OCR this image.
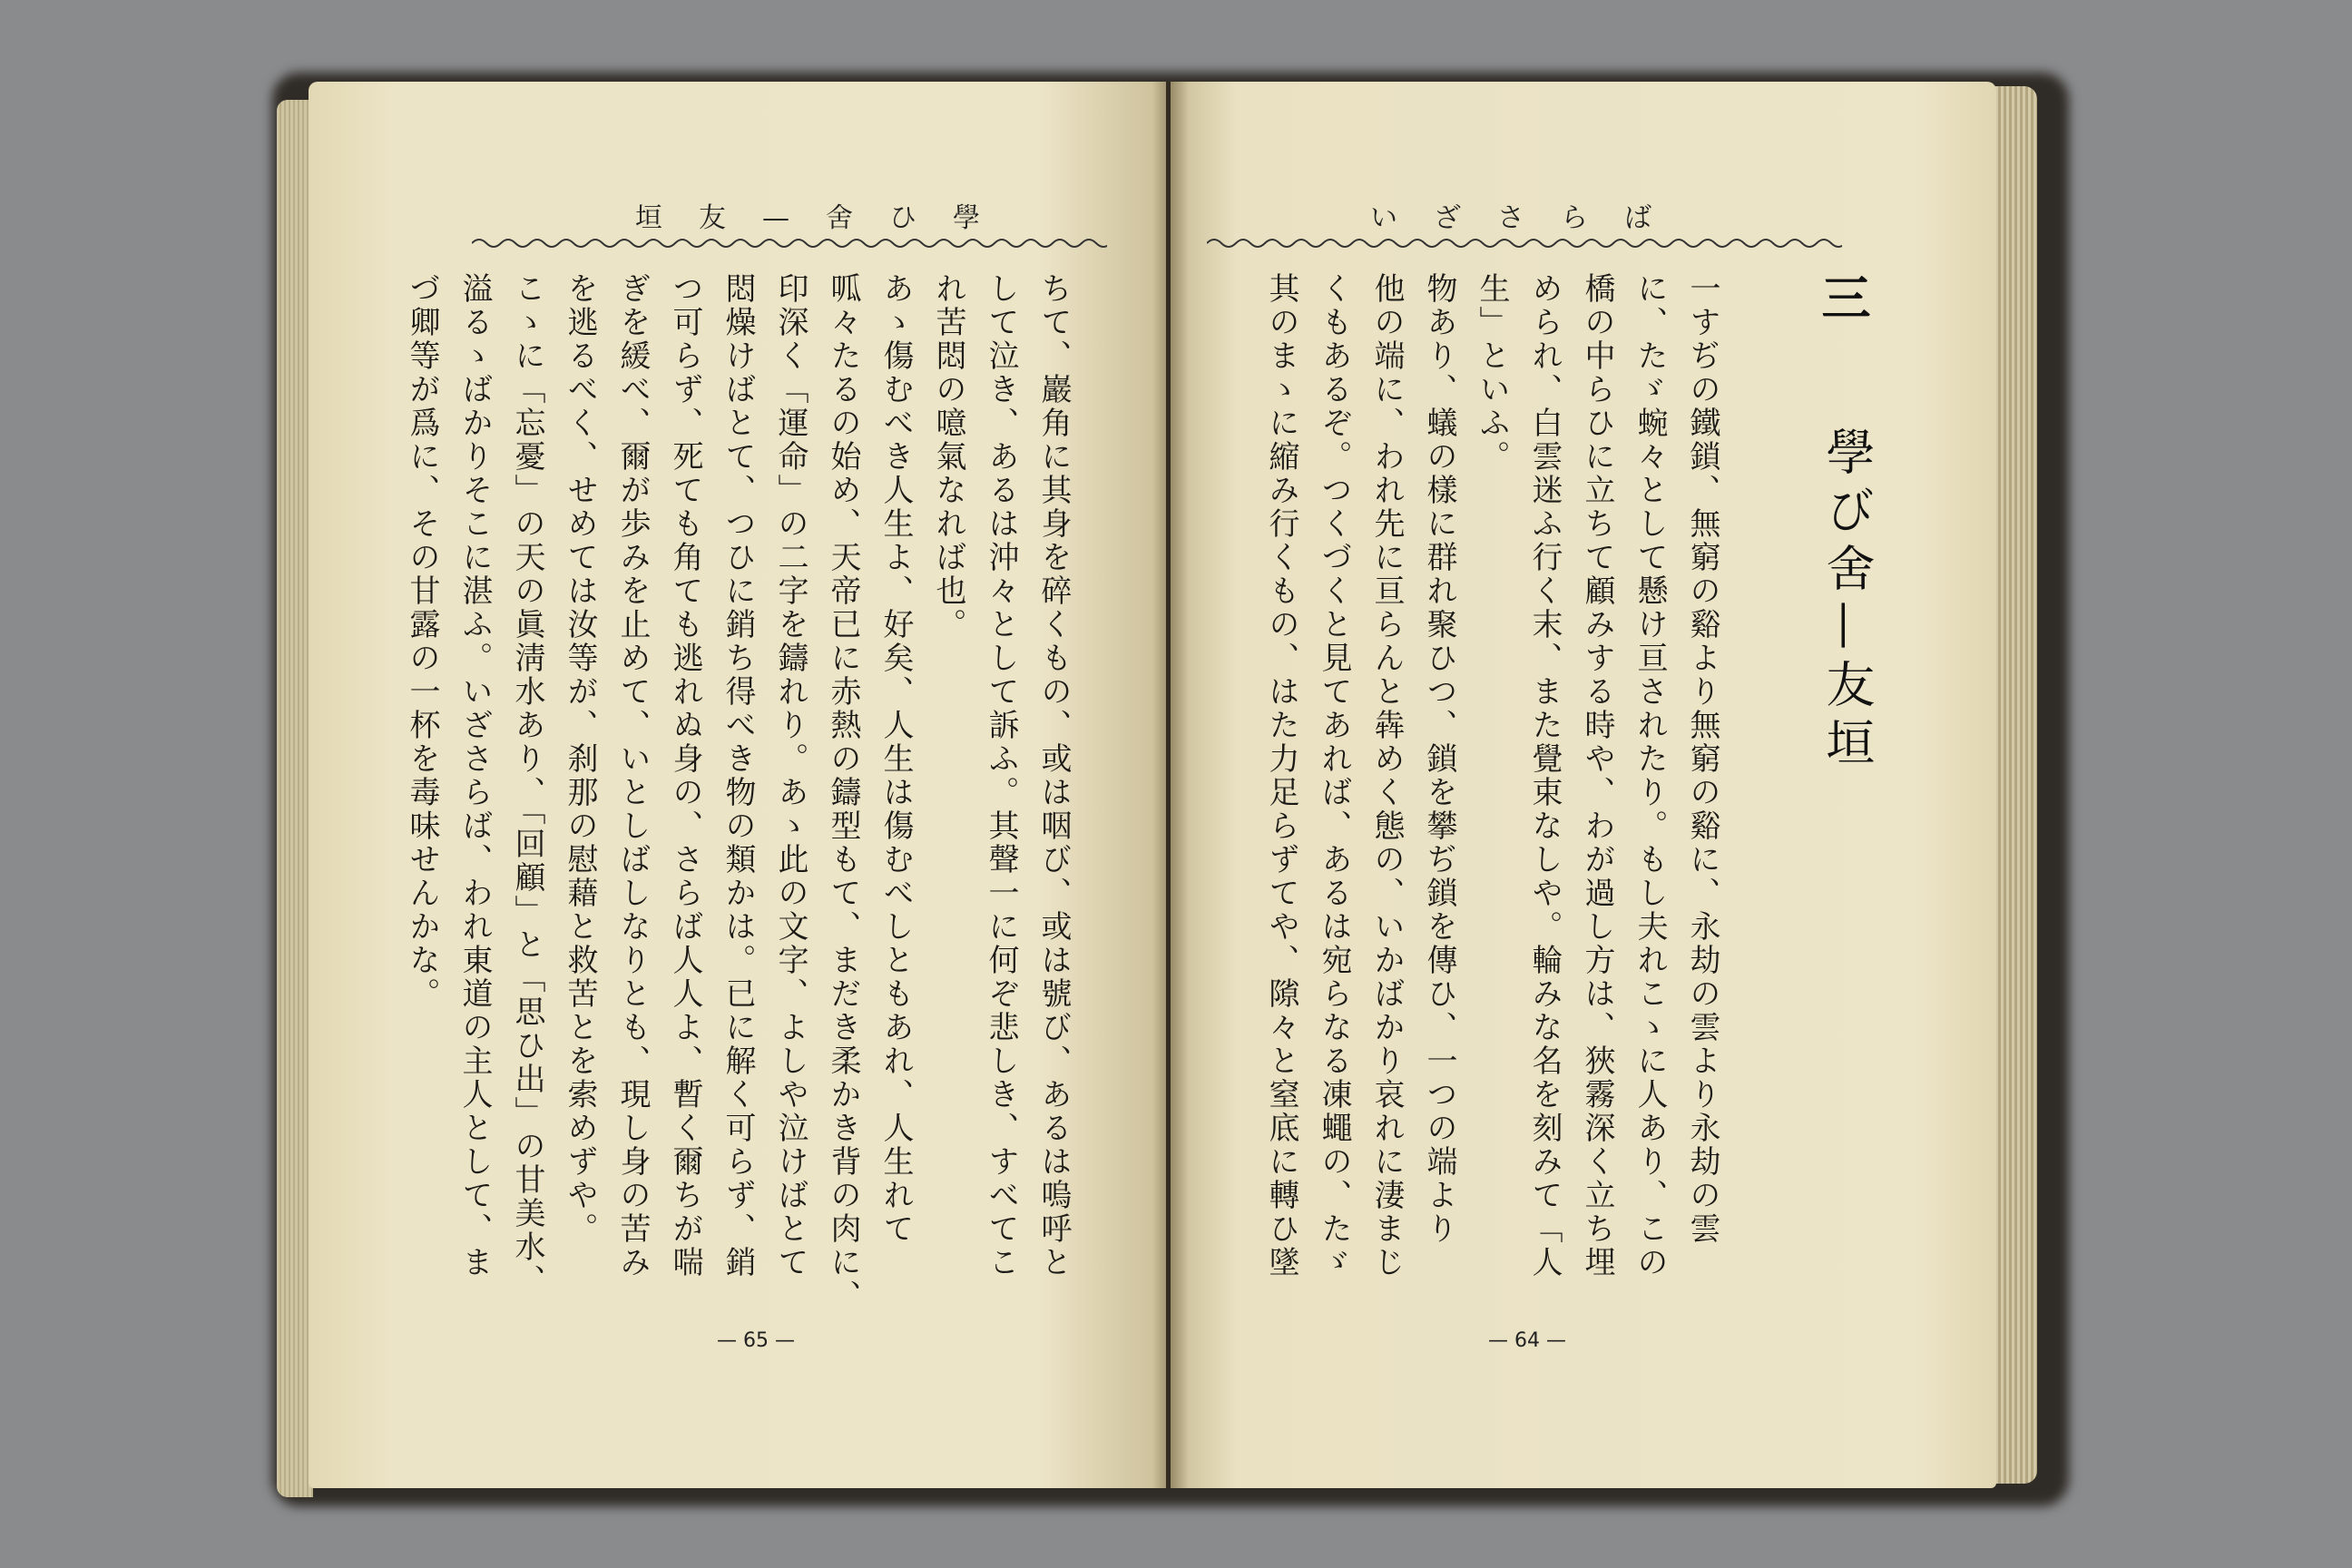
垣友—舍ひ學	いざさらば
ちて、巖角に其身を碎くもの、或は咽び、或は號び、あるは嗚呼と
して泣き、あるは沖々として訴ふ。其聲一に何ぞ悲しき、すべてこ
れ苦悶の噫氣なれば也。
あゝ傷むべき人生よ、好矣、人生は傷むべしともあれ、人生れて
呱々たるの始め、天帝已に赤熱の鑄型もて、まだき柔かき背の肉に、
印深く「運命」の二字を鑄れり。あゝ此の文字、よしや泣けばとて
悶燥けばとて、つひに銷ち得べき物の類かは。已に解く可らず、銷
つ可らず、死ても角ても逃れぬ身の、さらば人人よ、暫く爾ちが喘
ぎを緩べ、爾が歩みを止めて、いとしばしなりとも、現し身の苦み
を逃るべく、せめては汝等が、刹那の慰藉と救苦とを索めずや。
こゝに「忘憂」の天の眞淸水あり、「回顧」と「思ひ出」の甘美水、
溢るゝばかりそこに湛ふ。いざさらば、われ東道の主人として、ま
づ卿等が爲に、その甘露の一杯を毒味せんかな。	三
學び舍—友垣
一すぢの鐵鎖、無窮の谿より無窮の谿に、永劫の雲より永劫の雲
に、たゞ蜿々として懸け亘されたり。もし夫れこゝに人あり、この
橋の中らひに立ちて顧みする時や、わが過し方は、狹霧深く立ち埋
められ、白雲迷ふ行く末、また覺束なしや。輪みな名を刻みて「人
生」といふ。
物あり、蟻の樣に群れ聚ひつ、鎖を攀ぢ鎖を傳ひ、一つの端より
他の端に、われ先に亘らんと犇めく態の、いかばかり哀れに淒まじ
くもあるぞ。つくづくと見てあれば、あるは宛らなる凍蠅の、たゞ
其のまゝに縮み行くもの、はた力足らずてや、𨻶々と窒底に轉ひ墜
— 65 —	— 64 —
